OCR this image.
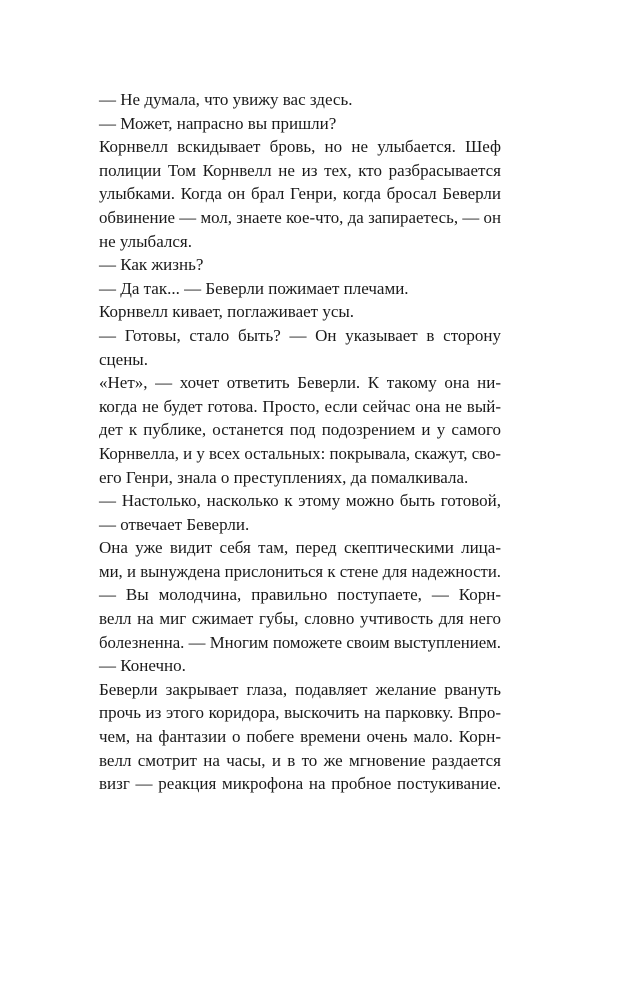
— Не думала, что увижу вас здесь.
— Может, напрасно вы пришли?
Корнвелл вскидывает бровь, но не улыбается. Шеф
полиции Том Корнвелл не из тех, кто разбрасывается
улыбками. Когда он брал Генри, когда бросал Беверли
обвинение — мол, знаете кое-что, да запираетесь, — он
не улыбался.
— Как жизнь?
— Да так... — Беверли пожимает плечами.
Корнвелл кивает, поглаживает усы.
— Готовы, стало быть? — Он указывает в сторону
сцены.
«Нет», — хочет ответить Беверли. К такому она ни-
когда не будет готова. Просто, если сейчас она не вый-
дет к публике, останется под подозрением и у самого
Корнвелла, и у всех остальных: покрывала, скажут, сво-
его Генри, знала о преступлениях, да помалкивала.
— Настолько, насколько к этому можно быть готовой,
— отвечает Беверли.
Она уже видит себя там, перед скептическими лица-
ми, и вынуждена прислониться к стене для надежности.
— Вы молодчина, правильно поступаете, — Корн-
велл на миг сжимает губы, словно учтивость для него
болезненна. — Многим поможете своим выступлением.
— Конечно.
Беверли закрывает глаза, подавляет желание рвануть
прочь из этого коридора, выскочить на парковку. Впро-
чем, на фантазии о побеге времени очень мало. Корн-
велл смотрит на часы, и в то же мгновение раздается
визг — реакция микрофона на пробное постукивание.
